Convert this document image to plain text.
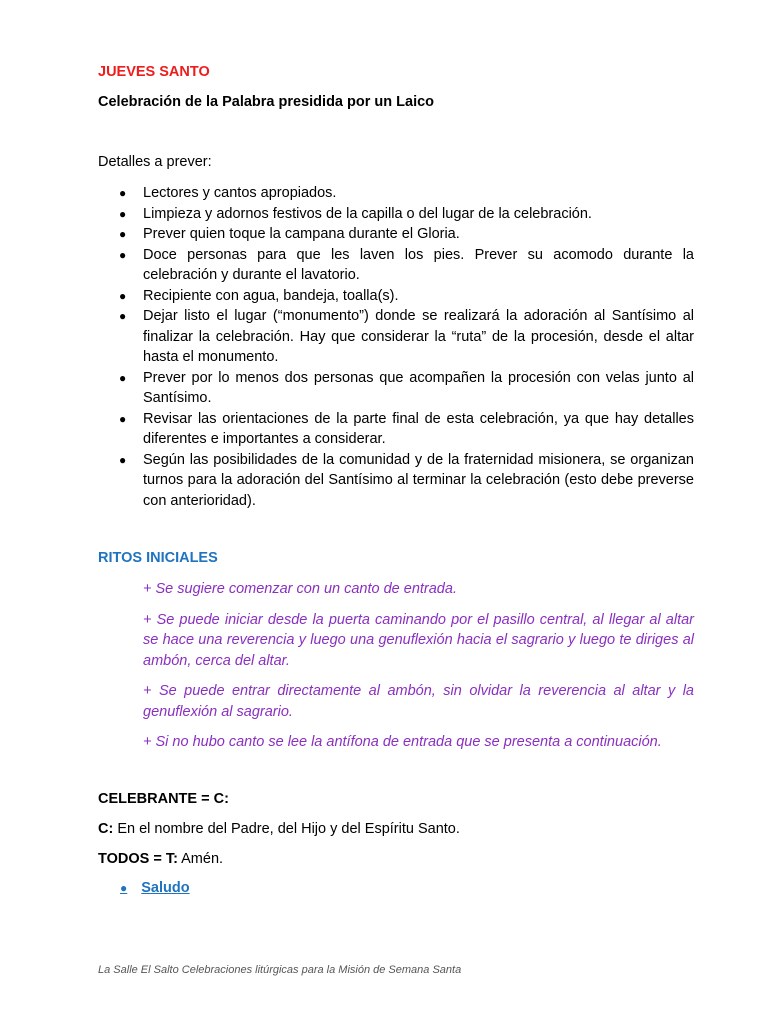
JUEVES SANTO
Celebración de la Palabra presidida por un Laico
Detalles a prever:
● Lectores y cantos apropiados.
● Limpieza y adornos festivos de la capilla o del lugar de la celebración.
● Prever quien toque la campana durante el Gloria.
● Doce personas para que les laven los pies. Prever su acomodo durante la celebración y durante el lavatorio.
● Recipiente con agua, bandeja, toalla(s).
● Dejar listo el lugar (“monumento”) donde se realizará la adoración al Santísimo al finalizar la celebración. Hay que considerar la “ruta” de la procesión, desde el altar hasta el monumento.
● Prever por lo menos dos personas que acompañen la procesión con velas junto al Santísimo.
● Revisar las orientaciones de la parte final de esta celebración, ya que hay detalles diferentes e importantes a considerar.
● Según las posibilidades de la comunidad y de la fraternidad misionera, se organizan turnos para la adoración del Santísimo al terminar la celebración (esto debe preverse con anterioridad).
RITOS INICIALES

+ Se sugiere comenzar con un canto de entrada.

+ Se puede iniciar desde la puerta caminando por el pasillo central, al llegar al altar se hace una reverencia y luego una genuflexión hacia el sagrario y luego te diriges al ambón, cerca del altar.

+ Se puede entrar directamente al ambón, sin olvidar la reverencia al altar y la genuflexión al sagrario.

+ Si no hubo canto se lee la antífona de entrada que se presenta a continuación.

CELEBRANTE = C:
C: En el nombre del Padre, del Hijo y del Espíritu Santo.
TODOS = T: Amén.
● Saludo
La Salle El Salto Celebraciones litúrgicas para la Misión de Semana Santa
